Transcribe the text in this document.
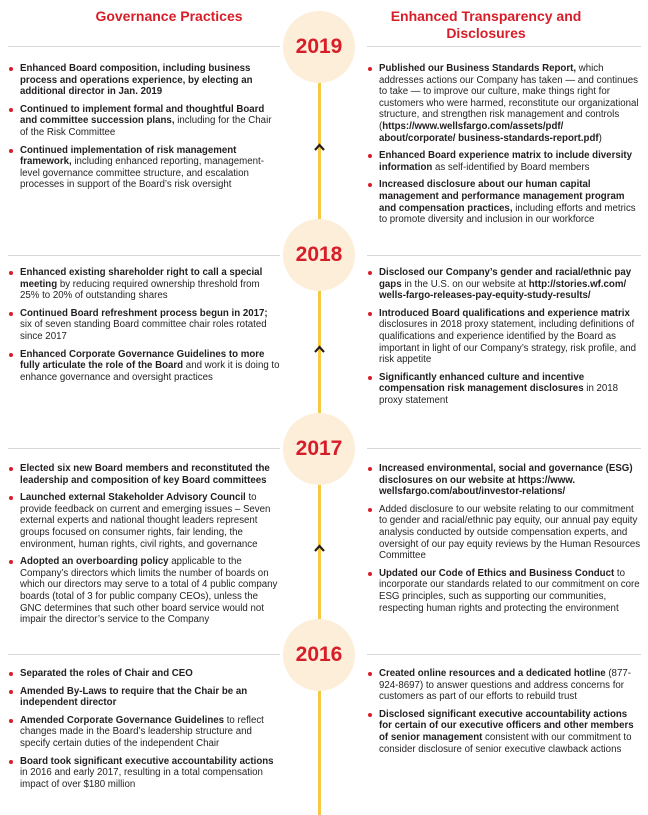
Governance Practices	Enhanced Transparency and Disclosures
2019
2018
2017
2016
Enhanced Board composition, including business process and operations experience, by electing an additional director in Jan. 2019
Continued to implement formal and thoughtful Board and committee succession plans, including for the Chair of the Risk Committee
Continued implementation of risk management framework, including enhanced reporting, management-level governance committee structure, and escalation processes in support of the Board’s risk oversight
Published our Business Standards Report, which addresses actions our Company has taken — and continues to take — to improve our culture, make things right for customers who were harmed, reconstitute our organizational structure, and strengthen risk management and controls (https://www.wellsfargo.com/assets/pdf/ about/corporate/ business-standards-report.pdf)
Enhanced Board experience matrix to include diversity information as self-identified by Board members
Increased disclosure about our human capital management and performance management program and compensation practices, including efforts and metrics to promote diversity and inclusion in our workforce
Enhanced existing shareholder right to call a special meeting by reducing required ownership threshold from 25% to 20% of outstanding shares
Continued Board refreshment process begun in 2017; six of seven standing Board committee chair roles rotated since 2017
Enhanced Corporate Governance Guidelines to more fully articulate the role of the Board and work it is doing to enhance governance and oversight practices
Disclosed our Company’s gender and racial/ethnic pay gaps in the U.S. on our website at http://stories.wf.com/ wells-fargo-releases-pay-equity-study-results/
Introduced Board qualifications and experience matrix disclosures in 2018 proxy statement, including definitions of qualifications and experience identified by the Board as important in light of our Company’s strategy, risk profile, and risk appetite
Significantly enhanced culture and incentive compensation risk management disclosures in 2018 proxy statement
Elected six new Board members and reconstituted the leadership and composition of key Board committees
Launched external Stakeholder Advisory Council to provide feedback on current and emerging issues – Seven external experts and national thought leaders represent groups focused on consumer rights, fair lending, the environment, human rights, civil rights, and governance
Adopted an overboarding policy applicable to the Company’s directors which limits the number of boards on which our directors may serve to a total of 4 public company boards (total of 3 for public company CEOs), unless the GNC determines that such other board service would not impair the director’s service to the Company
Increased environmental, social and governance (ESG) disclosures on our website at https://www. wellsfargo.com/about/investor-relations/
Added disclosure to our website relating to our commitment to gender and racial/ethnic pay equity, our annual pay equity analysis conducted by outside compensation experts, and oversight of our pay equity reviews by the Human Resources Committee
Updated our Code of Ethics and Business Conduct to incorporate our standards related to our commitment on core ESG principles, such as supporting our communities, respecting human rights and protecting the environment
Separated the roles of Chair and CEO
Amended By-Laws to require that the Chair be an independent director
Amended Corporate Governance Guidelines to reflect changes made in the Board’s leadership structure and specify certain duties of the independent Chair
Board took significant executive accountability actions in 2016 and early 2017, resulting in a total compensation impact of over $180 million
Created online resources and a dedicated hotline (877-924-8697) to answer questions and address concerns for customers as part of our efforts to rebuild trust
Disclosed significant executive accountability actions for certain of our executive officers and other members of senior management consistent with our commitment to consider disclosure of senior executive clawback actions
